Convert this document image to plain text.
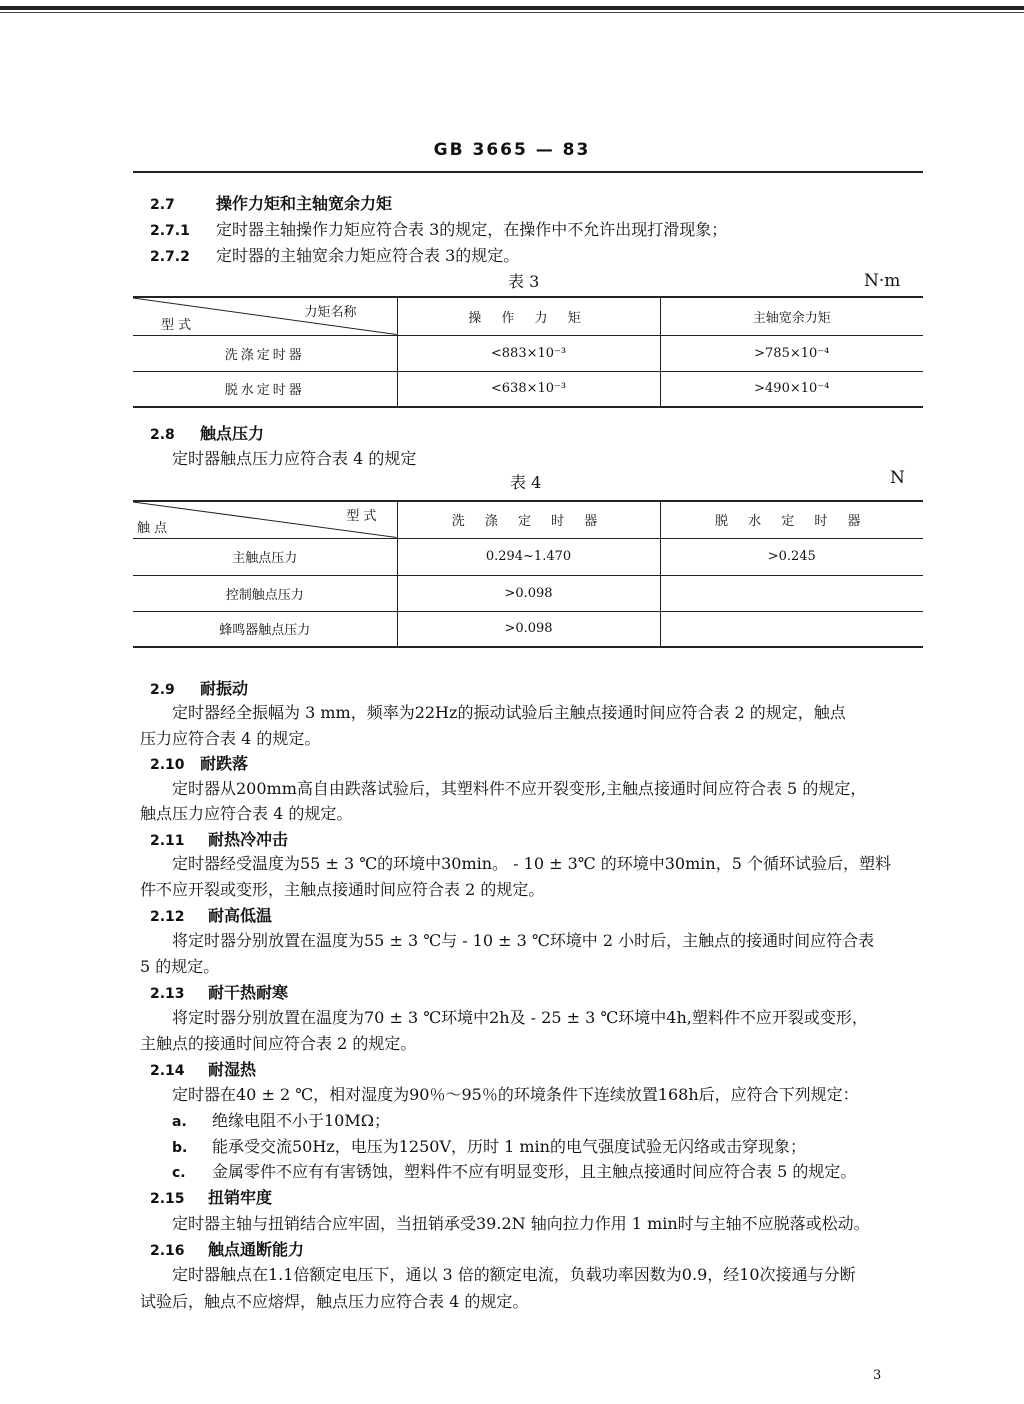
GB 3665 — 83
2.7	操作力矩和主轴宽余力矩
2.7.1 定时器主轴操作力矩应符合表 3的规定，在操作中不允许出现打滑现象；
2.7.2 定时器的主轴宽余力矩应符合表 3的规定。
表 3	N·m
力矩名称
型 式	操 作 力 矩	主轴宽余力矩
洗涤定时器	<883×10⁻³	>785×10⁻⁴
脱水定时器	<638×10⁻³	>490×10⁻⁴
2.8 触点压力
定时器触点压力应符合表 4 的规定
表 4	N
型 式
触 点	洗 涤 定 时 器	脱 水 定 时 器
主触点压力	0.294~1.470	>0.245
控制触点压力	>0.098	
蜂鸣器触点压力	>0.098	
2.9 耐振动
定时器经全振幅为 3 mm，频率为22Hz的振动试验后主触点接通时间应符合表 2 的规定，触点
压力应符合表 4 的规定。
2.10 耐跌落
定时器从200mm高自由跌落试验后，其塑料件不应开裂变形,主触点接通时间应符合表 5 的规定，
触点压力应符合表 4 的规定。
2.11 耐热冷冲击
定时器经受温度为55 ± 3 ℃的环境中30min。 - 10 ± 3℃ 的环境中30min，5 个循环试验后，塑料
件不应开裂或变形，主触点接通时间应符合表 2 的规定。
2.12 耐高低温
将定时器分别放置在温度为55 ± 3 ℃与 - 10 ± 3 ℃环境中 2 小时后，主触点的接通时间应符合表
5 的规定。
2.13 耐干热耐寒
将定时器分别放置在温度为70 ± 3 ℃环境中2h及 - 25 ± 3 ℃环境中4h,塑料件不应开裂或变形，
主触点的接通时间应符合表 2 的规定。
2.14 耐湿热
定时器在40 ± 2 ℃，相对湿度为90％～95％的环境条件下连续放置168h后，应符合下列规定：
a. 绝缘电阻不小于10MΩ；
b. 能承受交流50Hz，电压为1250V，历时 1 min的电气强度试验无闪络或击穿现象；
c. 金属零件不应有有害锈蚀，塑料件不应有明显变形，且主触点接通时间应符合表 5 的规定。
2.15 扭销牢度
定时器主轴与扭销结合应牢固，当扭销承受39.2N 轴向拉力作用 1 min时与主轴不应脱落或松动。
2.16 触点通断能力
定时器触点在1.1倍额定电压下，通以 3 倍的额定电流，负载功率因数为0.9，经10次接通与分断
试验后，触点不应熔焊，触点压力应符合表 4 的规定。
3
